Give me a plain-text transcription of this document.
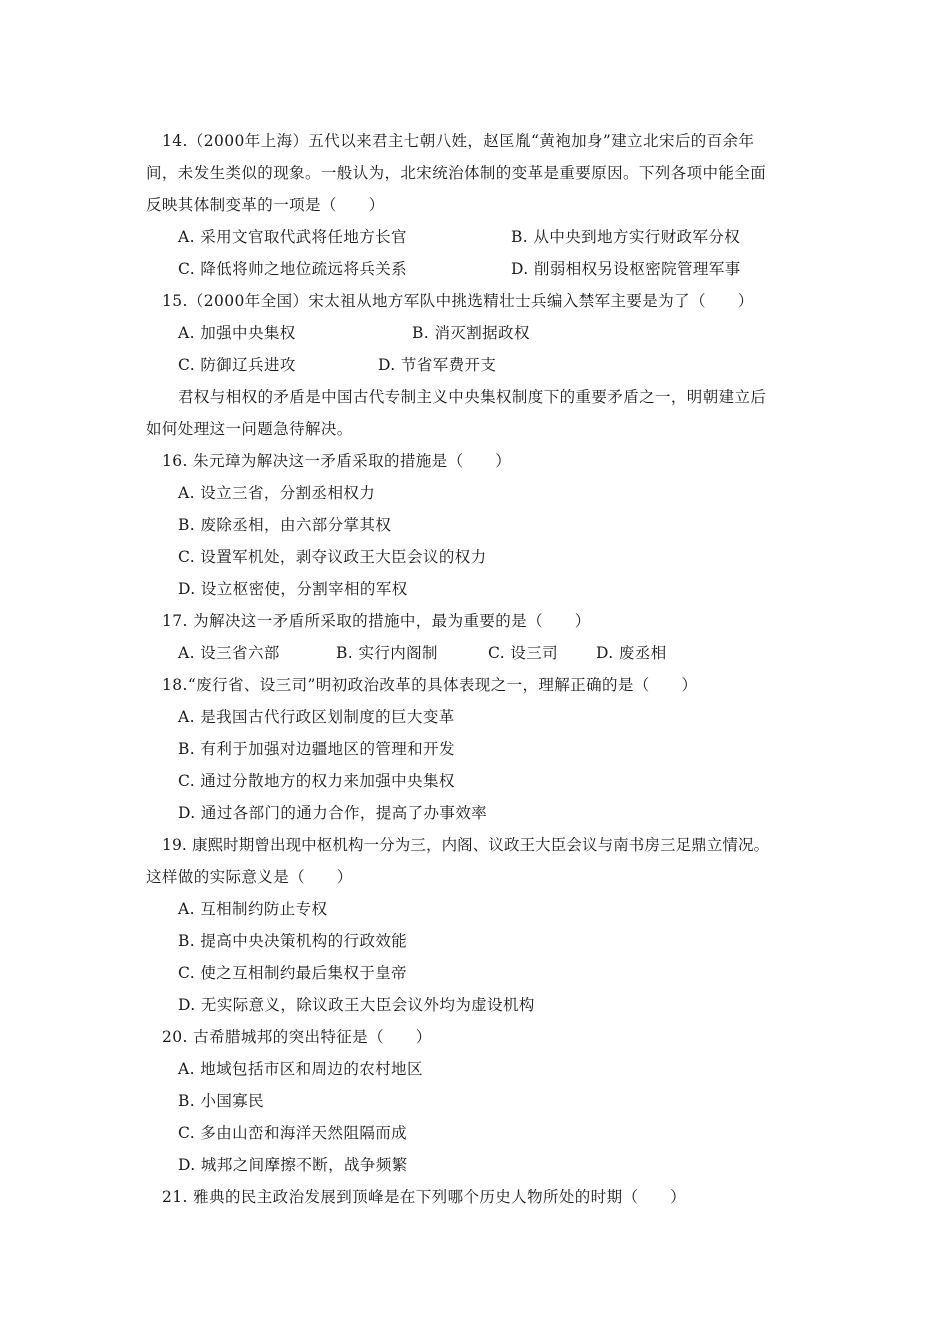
14.（2000年上海）五代以来君主七朝八姓，赵匡胤“黄袍加身”建立北宋后的百余年
间，未发生类似的现象。一般认为，北宋统治体制的变革是重要原因。下列各项中能全面
反映其体制变革的一项是（　　）
A. 采用文官取代武将任地方长官	B. 从中央到地方实行财政军分权
C. 降低将帅之地位疏远将兵关系	D. 削弱相权另设枢密院管理军事
15.（2000年全国）宋太祖从地方军队中挑选精壮士兵编入禁军主要是为了（　　）
A. 加强中央集权	B. 消灭割据政权
C. 防御辽兵进攻	D. 节省军费开支
君权与相权的矛盾是中国古代专制主义中央集权制度下的重要矛盾之一，明朝建立后
如何处理这一问题急待解决。
16. 朱元璋为解决这一矛盾采取的措施是（　　）
A. 设立三省，分割丞相权力
B. 废除丞相，由六部分掌其权
C. 设置军机处，剥夺议政王大臣会议的权力
D. 设立枢密使，分割宰相的军权
17. 为解决这一矛盾所采取的措施中，最为重要的是（　　）
A. 设三省六部	B. 实行内阁制	C. 设三司 D. 废丞相
18.“废行省、设三司”明初政治改革的具体表现之一，理解正确的是（　　）
A. 是我国古代行政区划制度的巨大变革
B. 有利于加强对边疆地区的管理和开发
C. 通过分散地方的权力来加强中央集权
D. 通过各部门的通力合作，提高了办事效率
19. 康熙时期曾出现中枢机构一分为三，内阁、议政王大臣会议与南书房三足鼎立情况。
这样做的实际意义是（　　）
A. 互相制约防止专权
B. 提高中央决策机构的行政效能
C. 使之互相制约最后集权于皇帝
D. 无实际意义，除议政王大臣会议外均为虚设机构
20. 古希腊城邦的突出特征是（　　）
A. 地域包括市区和周边的农村地区
B. 小国寡民
C. 多由山峦和海洋天然阻隔而成
D. 城邦之间摩擦不断，战争频繁
21. 雅典的民主政治发展到顶峰是在下列哪个历史人物所处的时期（　　）
